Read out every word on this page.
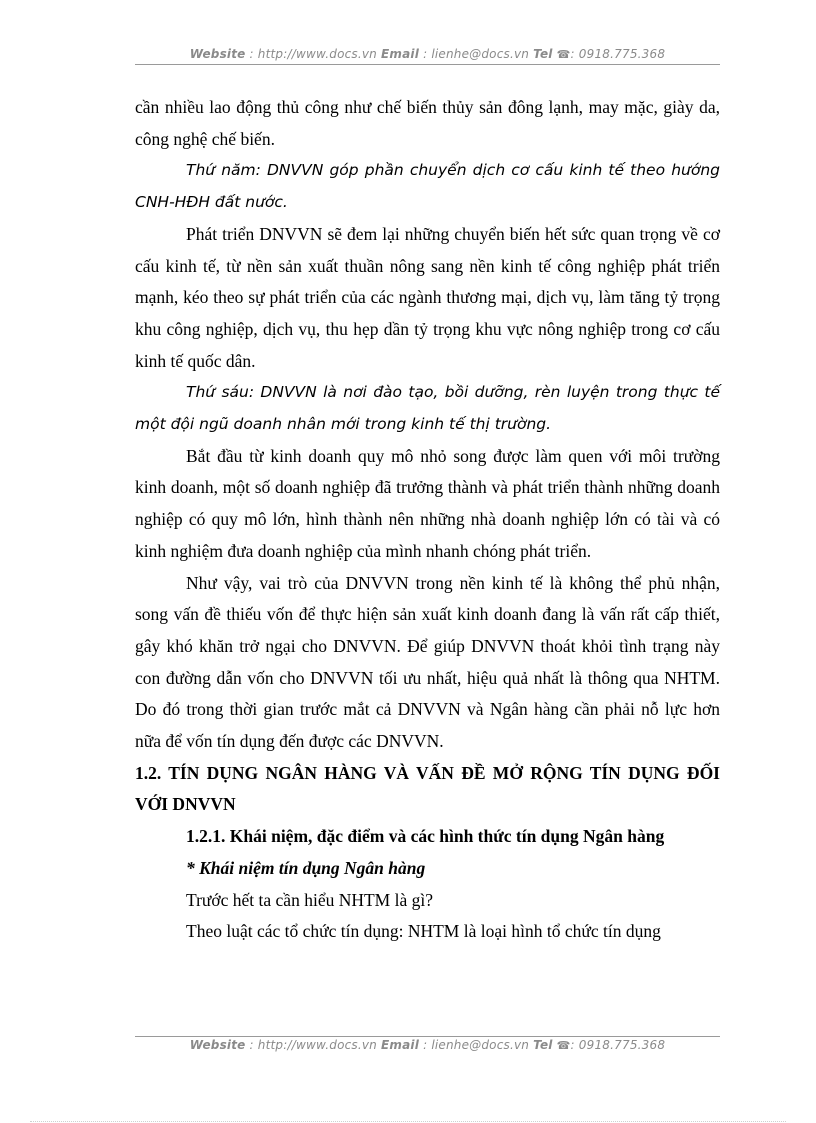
Website : http://www.docs.vn Email : lienhe@docs.vn Tel ☎: 0918.775.368

cần nhiều lao động thủ công như chế biến thủy sản đông lạnh, may mặc, giày da, công nghệ chế biến.

Thứ năm: DNVVN góp phần chuyển dịch cơ cấu kinh tế theo hướng CNH-HĐH đất nước.

Phát triển DNVVN sẽ đem lại những chuyển biến hết sức quan trọng về cơ cấu kinh tế, từ nền sản xuất thuần nông sang nền kinh tế công nghiệp phát triển mạnh, kéo theo sự phát triển của các ngành thương mại, dịch vụ, làm tăng tỷ trọng khu công nghiệp, dịch vụ, thu hẹp dần tỷ trọng khu vực nông nghiệp trong cơ cấu kinh tế quốc dân.

Thứ sáu: DNVVN là nơi đào tạo, bồi dưỡng, rèn luyện trong thực tế một đội ngũ doanh nhân mới trong kinh tế thị trường.

Bắt đầu từ kinh doanh quy mô nhỏ song được làm quen với môi trường kinh doanh, một số doanh nghiệp đã trưởng thành và phát triển thành những doanh nghiệp có quy mô lớn, hình thành nên những nhà doanh nghiệp lớn có tài và có kinh nghiệm đưa doanh nghiệp của mình nhanh chóng phát triển.

Như vậy, vai trò của DNVVN trong nền kinh tế là không thể phủ nhận, song vấn đề thiếu vốn để thực hiện sản xuất kinh doanh đang là vấn rất cấp thiết, gây khó khăn trở ngại cho DNVVN. Để giúp DNVVN thoát khỏi tình trạng này con đường dẫn vốn cho DNVVN tối ưu nhất, hiệu quả nhất là thông qua NHTM. Do đó trong thời gian trước mắt cả DNVVN và Ngân hàng cần phải nỗ lực hơn nữa để vốn tín dụng đến được các DNVVN.

1.2. TÍN DỤNG NGÂN HÀNG VÀ VẤN ĐỀ MỞ RỘNG TÍN DỤNG ĐỐI VỚI DNVVN

1.2.1. Khái niệm, đặc điểm và các hình thức tín dụng Ngân hàng

* Khái niệm tín dụng Ngân hàng

Trước hết ta cần hiểu NHTM là gì?

Theo luật các tổ chức tín dụng: NHTM là loại hình tổ chức tín dụng

Website : http://www.docs.vn Email : lienhe@docs.vn Tel ☎: 0918.775.368
